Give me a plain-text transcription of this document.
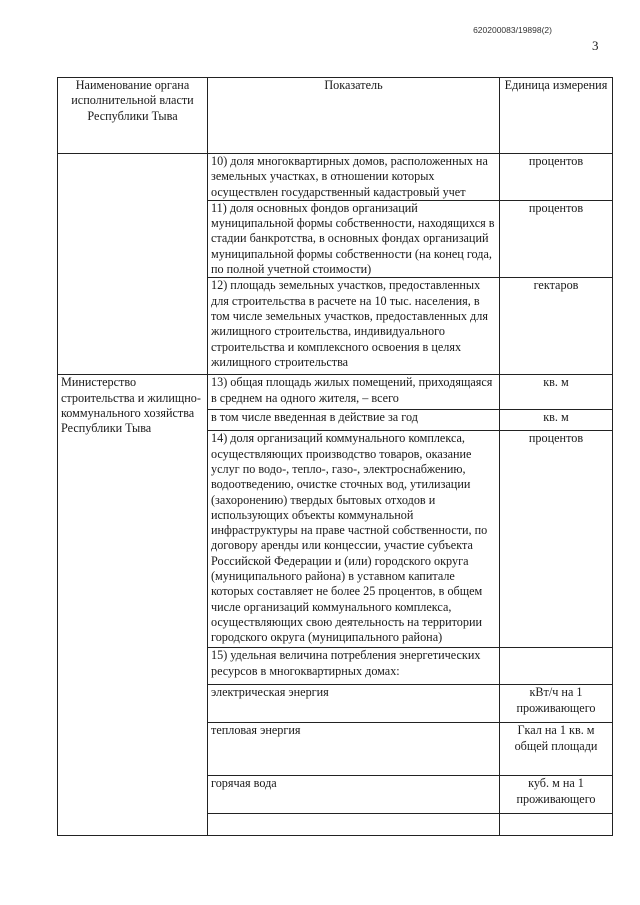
620200083/19898(2)
3
Наименование органа исполнительной власти Республики Тыва	Показатель	Единица измерения
	10) доля многоквартирных домов, расположенных на земельных участках, в отношении которых осуществлен государственный кадастровый учет	процентов
	11) доля основных фондов организаций муниципальной формы собственности, находящихся в стадии банкротства, в основных фондах организаций муниципальной формы собственности (на конец года, по полной учетной стоимости)	процентов
	12) площадь земельных участков, предоставленных для строительства в расчете на 10 тыс. населения, в том числе земельных участков, предоставленных для жилищного строительства, индивидуального строительства и комплексного освоения в целях жилищного строительства	гектаров
Министерство строительства и жилищно-коммунального хозяйства Республики Тыва	13) общая площадь жилых помещений, приходящаяся в среднем на одного жителя, – всего	кв. м
	в том числе введенная в действие за год	кв. м
	14) доля организаций коммунального комплекса, осуществляющих производство товаров, оказание услуг по водо-, тепло-, газо-, электроснабжению, водоотведению, очистке сточных вод, утилизации (захоронению) твердых бытовых отходов и использующих объекты коммунальной инфраструктуры на праве частной собственности, по договору аренды или концессии, участие субъекта Российской Федерации и (или) городского округа (муниципального района) в уставном капитале которых составляет не более 25 процентов, в общем числе организаций коммунального комплекса, осуществляющих свою деятельность на территории городского округа (муниципального района)	процентов
	15) удельная величина потребления энергетических ресурсов в многоквартирных домах:	
	электрическая энергия	кВт/ч на 1 проживающего
	тепловая энергия	Гкал на 1 кв. м общей площади
	горячая вода	куб. м на 1 проживающего
